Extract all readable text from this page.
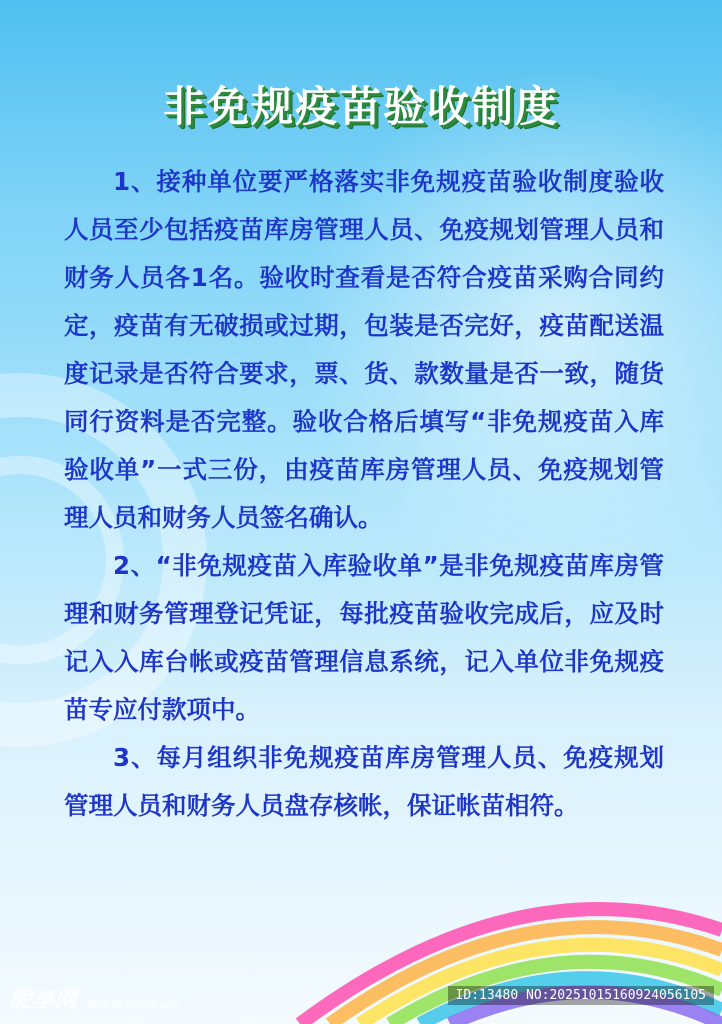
非免规疫苗验收制度

1、接种单位要严格落实非免规疫苗验收制度验收人员至少包括疫苗库房管理人员、免疫规划管理人员和财务人员各1名。验收时查看是否符合疫苗采购合同约定，疫苗有无破损或过期，包装是否完好，疫苗配送温度记录是否符合要求，票、货、款数量是否一致，随货同行资料是否完整。验收合格后填写“非免规疫苗入库验收单”一式三份，由疫苗库房管理人员、免疫规划管理人员和财务人员签名确认。

2、“非免规疫苗入库验收单”是非免规疫苗库房管理和财务管理登记凭证，每批疫苗验收完成后，应及时记入入库台帐或疫苗管理信息系统，记入单位非免规疫苗专应付款项中。

3、每月组织非免规疫苗库房管理人员、免疫规划管理人员和财务人员盘存核帐，保证帐苗相符。

昵享网 www.nipic.cn	ID:13480 NO:20251015160924056105
